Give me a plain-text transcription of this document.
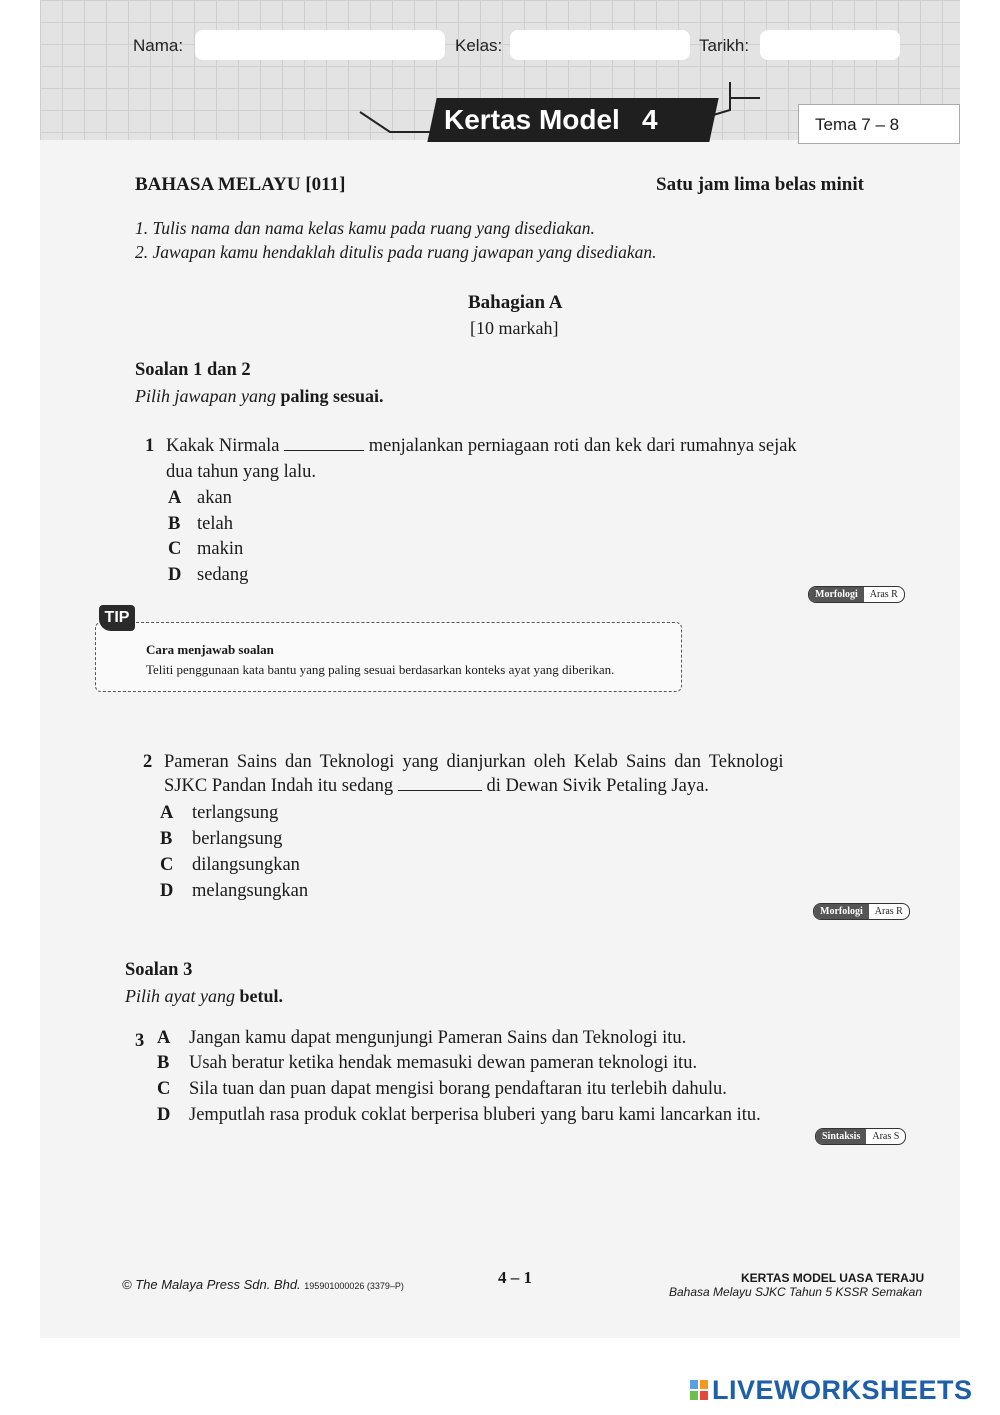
Nama:	Kelas:	Tarikh:
Kertas Model 4	Tema 7 – 8
BAHASA MELAYU [011]	Satu jam lima belas minit
1. Tulis nama dan nama kelas kamu pada ruang yang disediakan.
2. Jawapan kamu hendaklah ditulis pada ruang jawapan yang disediakan.
Bahagian A
[10 markah]
Soalan 1 dan 2
Pilih jawapan yang paling sesuai.
1 Kakak Nirmala	menjalankan perniagaan roti dan kek dari rumahnya sejak
dua tahun yang lalu.
A akan
B telah
C makin
D sedang
Morfologi	Aras R
TIP
Cara menjawab soalan
Teliti penggunaan kata bantu yang paling sesuai berdasarkan konteks ayat yang diberikan.
2 Pameran Sains dan Teknologi yang dianjurkan oleh Kelab Sains dan Teknologi
SJKC Pandan Indah itu sedang	di Dewan Sivik Petaling Jaya.
A terlangsung
B berlangsung
C dilangsungkan
D melangsungkan
Morfologi	Aras R
Soalan 3
Pilih ayat yang betul.
3 A Jangan kamu dapat mengunjungi Pameran Sains dan Teknologi itu.
B Usah beratur ketika hendak memasuki dewan pameran teknologi itu.
C Sila tuan dan puan dapat mengisi borang pendaftaran itu terlebih dahulu.
D Jemputlah rasa produk coklat berperisa bluberi yang baru kami lancarkan itu.
Sintaksis	Aras S
© The Malaya Press Sdn. Bhd. 195901000026 (3379–P)	4 – 1	KERTAS MODEL UASA TERAJU
Bahasa Melayu SJKC Tahun 5 KSSR Semakan
LIVEWORKSHEETS
